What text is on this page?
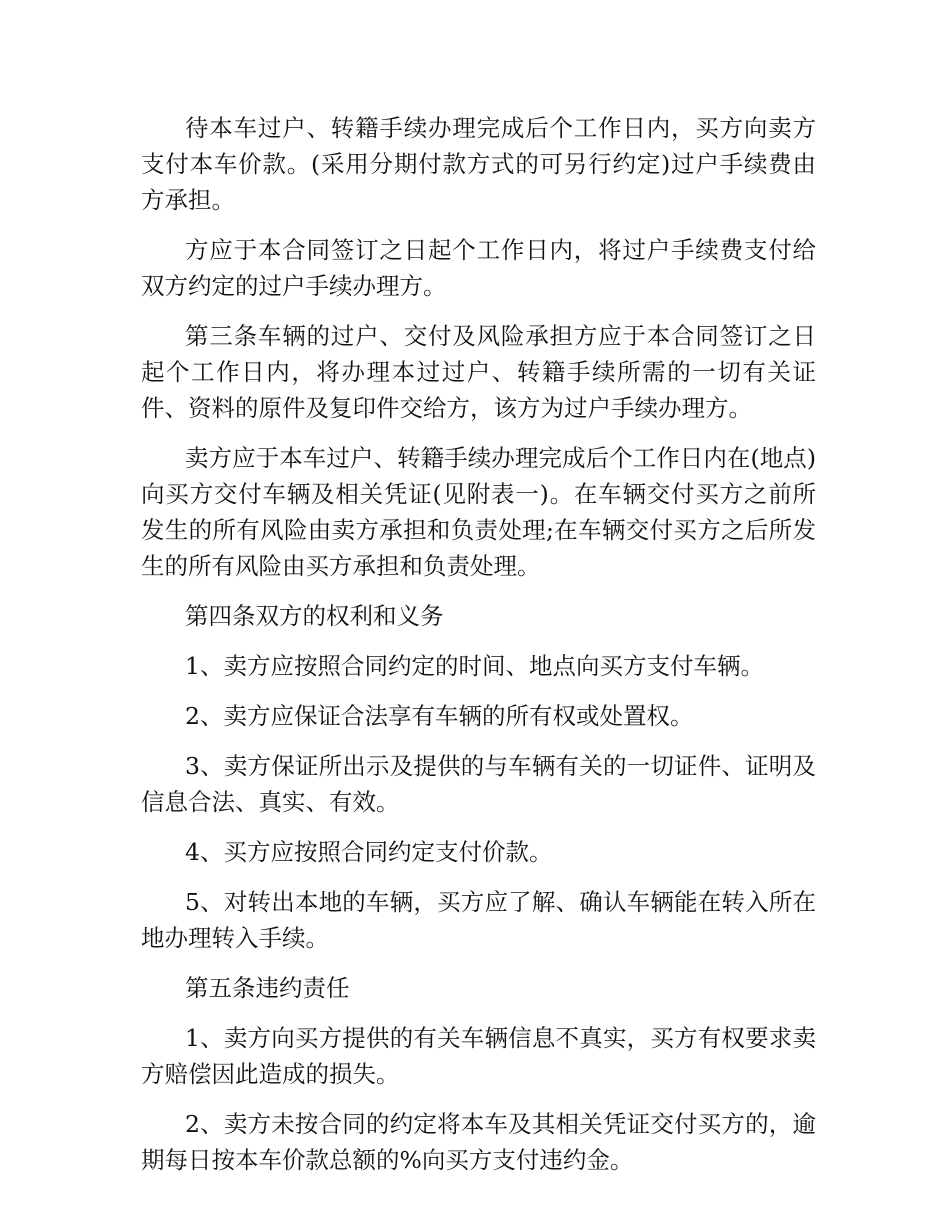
待本车过户、转籍手续办理完成后个工作日内，买方向卖方支付本车价款。(采用分期付款方式的可另行约定)过户手续费由方承担。

方应于本合同签订之日起个工作日内，将过户手续费支付给双方约定的过户手续办理方。

第三条车辆的过户、交付及风险承担方应于本合同签订之日起个工作日内，将办理本过过户、转籍手续所需的一切有关证件、资料的原件及复印件交给方，该方为过户手续办理方。

卖方应于本车过户、转籍手续办理完成后个工作日内在(地点)向买方交付车辆及相关凭证(见附表一)。在车辆交付买方之前所发生的所有风险由卖方承担和负责处理;在车辆交付买方之后所发生的所有风险由买方承担和负责处理。

第四条双方的权利和义务

1、卖方应按照合同约定的时间、地点向买方支付车辆。

2、卖方应保证合法享有车辆的所有权或处置权。

3、卖方保证所出示及提供的与车辆有关的一切证件、证明及信息合法、真实、有效。

4、买方应按照合同约定支付价款。

5、对转出本地的车辆，买方应了解、确认车辆能在转入所在地办理转入手续。

第五条违约责任

1、卖方向买方提供的有关车辆信息不真实，买方有权要求卖方赔偿因此造成的损失。

2、卖方未按合同的约定将本车及其相关凭证交付买方的，逾期每日按本车价款总额的%向买方支付违约金。
